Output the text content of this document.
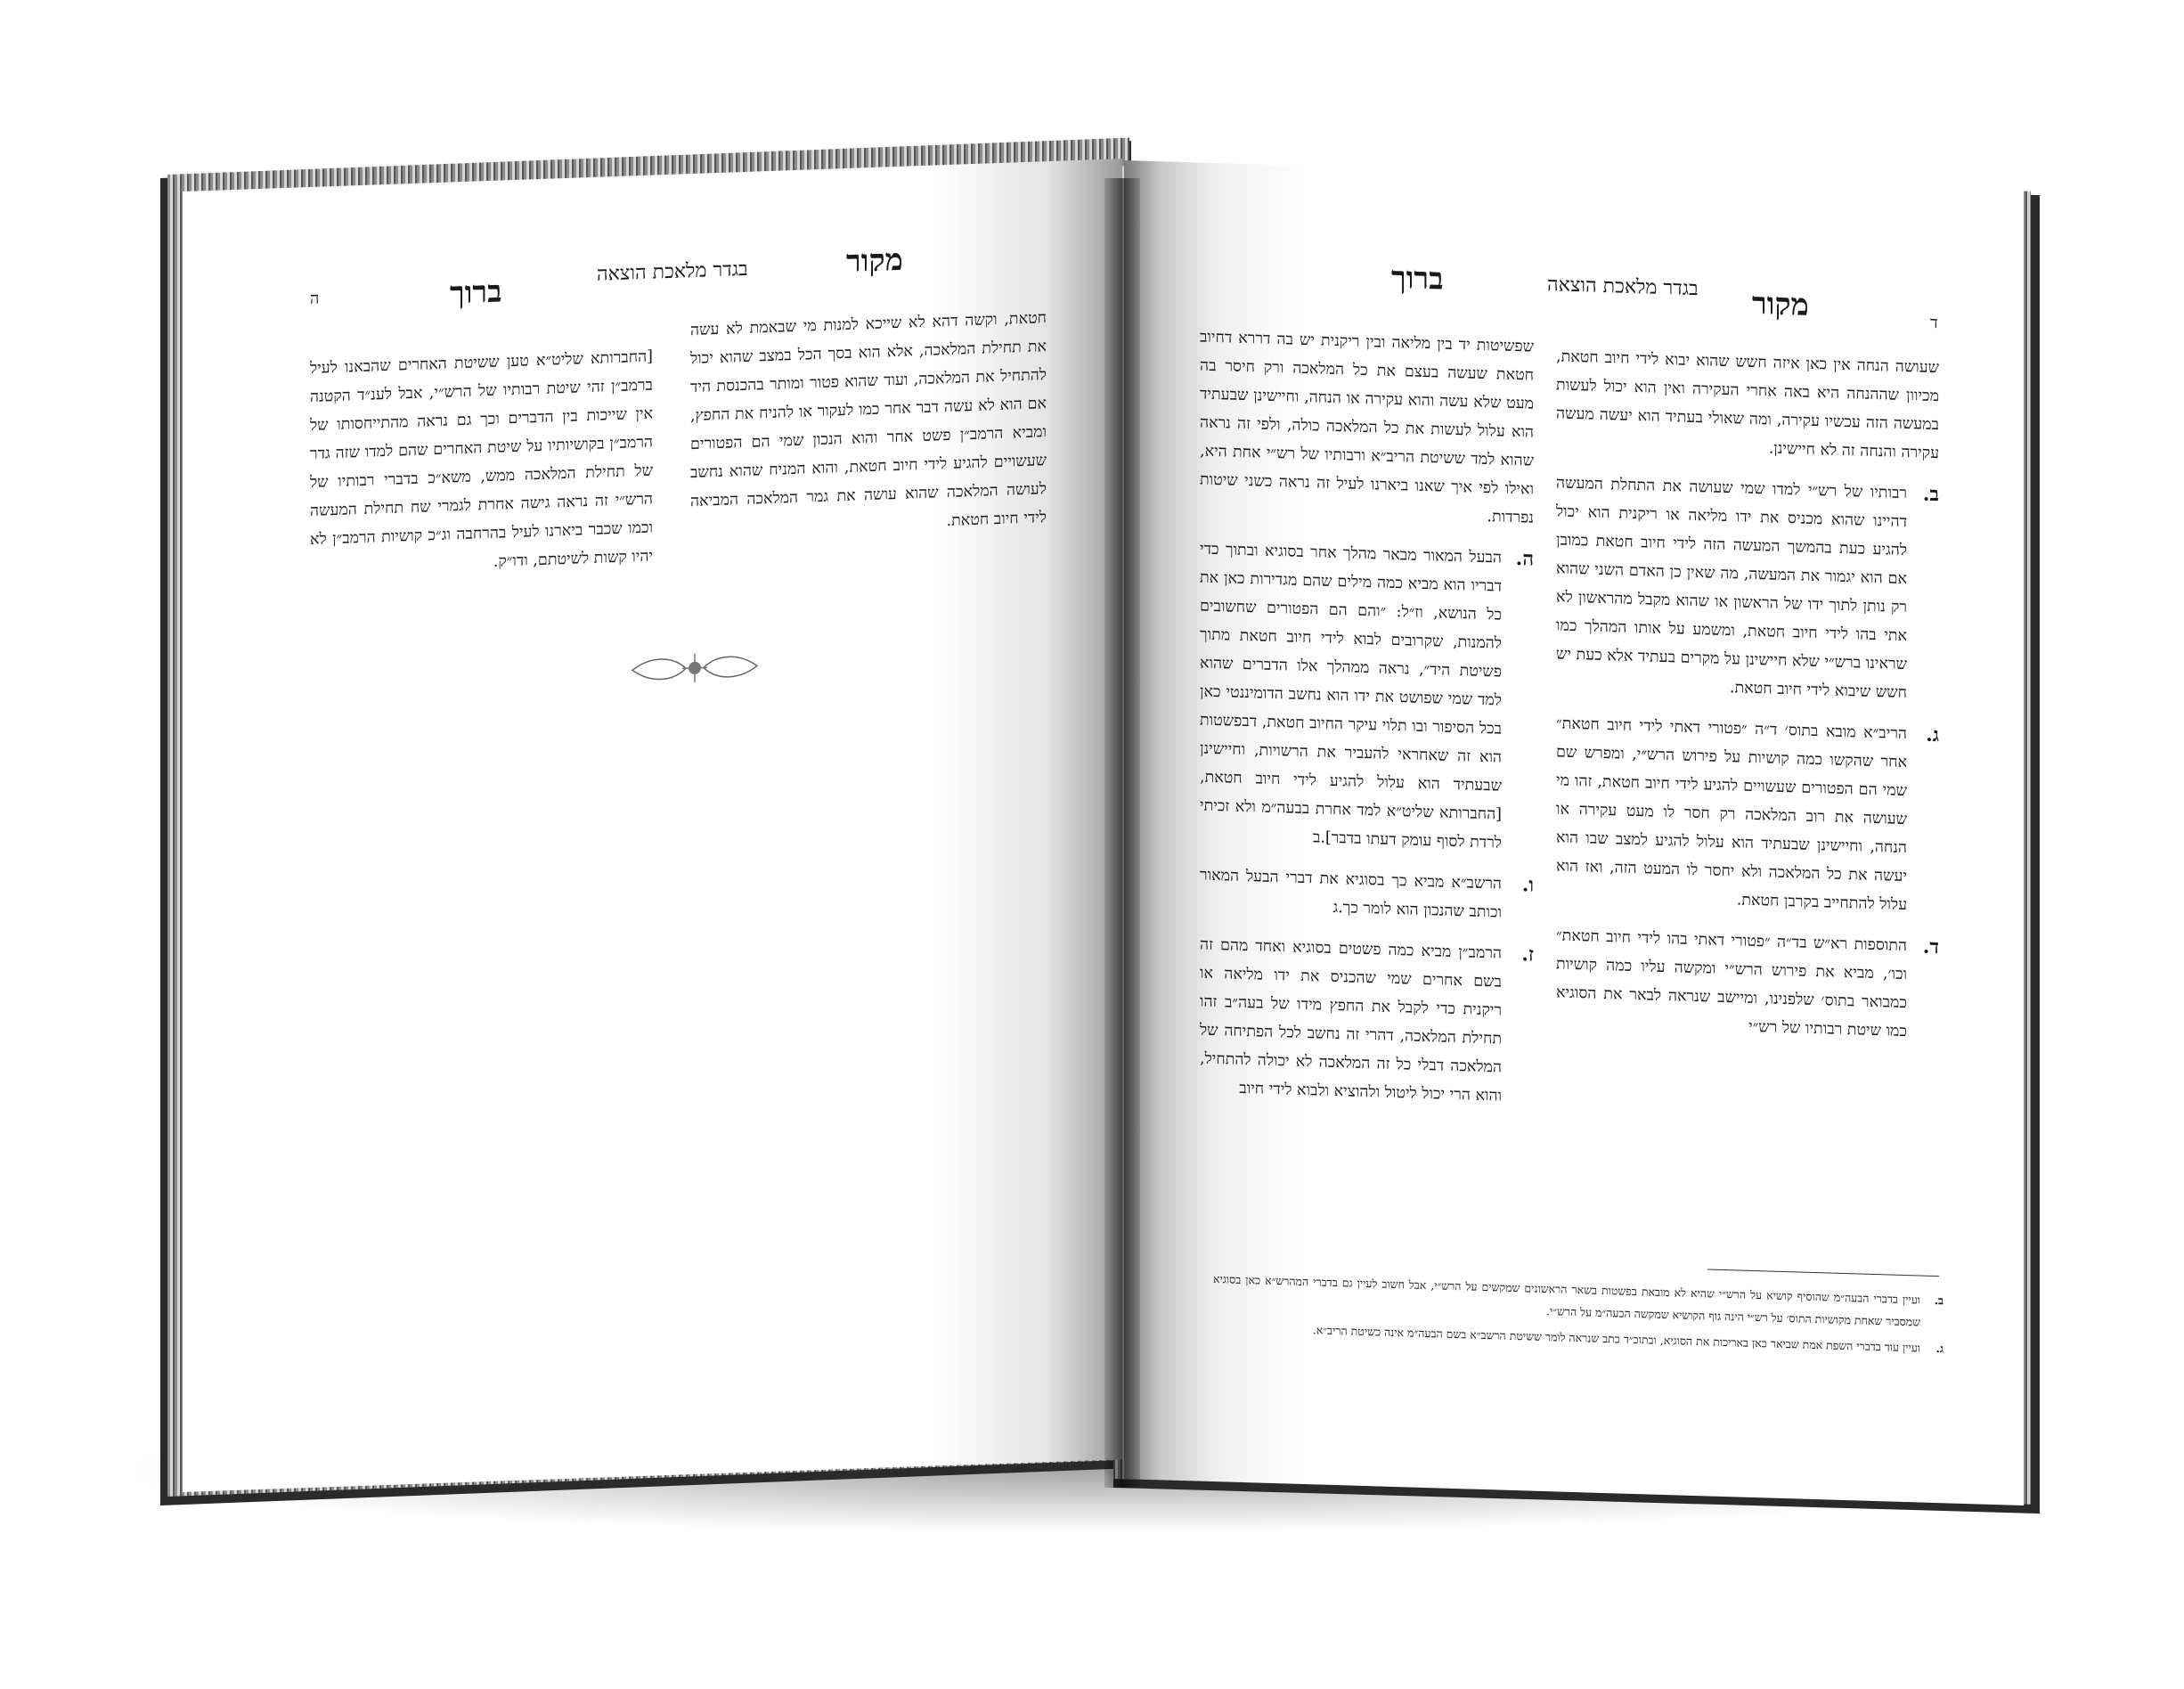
מקור
בגדר מלאכת הוצאה
ברוך
ה

חטאת, וקשה דהא לא שייכא למנות מי שבאמת לא עשה את תחילת המלאכה, אלא הוא בסך הכל במצב שהוא יכול להתחיל את המלאכה, ועוד שהוא פטור ומותר בהכנסת היד אם הוא לא עשה דבר אחר כמו לעקור או להניח את החפץ, ומביא הרמב״ן פשט אחר והוא הנכון שמי הם הפטורים שעשויים להגיע לידי חיוב חטאת, והוא המניח שהוא נחשב לעושה המלאכה שהוא עושה את גמר המלאכה המביאה לידי חיוב חטאת.

[החברותא שליט״א טען ששיטת האחרים שהבאנו לעיל ברמב״ן זהי שיטת רבותיו של הרש״י, אבל לענ״ד הקטנה אין שייכות בין הדברים וכך גם נראה מהתייחסותו של הרמב״ן בקושיותיו על שיטת האחרים שהם למדו שזה גדר של תחילת המלאכה ממש, משא״כ בדברי רבותיו של הרש״י זה נראה גישה אחרת לגמרי שח תחילת המעשה וכמו שכבר ביארנו לעיל בהרחבה וג״כ קושיות הרמב״ן לא יהיו קשות לשיטתם, ודו״ק.

ד
מקור
בגדר מלאכת הוצאה
ברוך

שעושה הנחה אין כאן איזה חשש שהוא יבוא לידי חיוב חטאת, מכיוון שההנחה היא באה אחרי העקירה ואין הוא יכול לעשות במעשה הזה עכשיו עקירה, ומה שאולי בעתיד הוא יעשה מעשה עקירה והנחה זה לא חיישינן.

ב.
רבותיו של רש״י למדו שמי שעושה את התחלת המעשה דהיינו שהוא מכניס את ידו מליאה או ריקנית הוא יכול להגיע כעת בהמשך המעשה הזה לידי חיוב חטאת כמובן אם הוא יגמור את המעשה, מה שאין כן האדם השני שהוא רק נותן לתוך ידו של הראשון או שהוא מקבל מהראשון לא אתי בהו לידי חיוב חטאת, ומשמע על אותו המהלך כמו שראינו ברש״י שלא חיישינן על מקרים בעתיד אלא כעת יש חשש שיבוא לידי חיוב חטאת.

ג.
הריב״א מובא בתוס׳ ד״ה ״פטורי דאתי לידי חיוב חטאת״ אחר שהקשו כמה קושיות על פירוש הרש״י, ומפרש שם שמי הם הפטורים שעשויים להגיע לידי חיוב חטאת, זהו מי שעושה את רוב המלאכה רק חסר לו מעט עקירה או הנחה, וחיישינן שבעתיד הוא עלול להגיע למצב שבו הוא יעשה את כל המלאכה ולא יחסר לו המעט הזה, ואז הוא עלול להתחייב בקרבן חטאת.

ד.
התוספות רא״ש בד״ה ״פטורי דאתי בהו לידי חיוב חטאת״ וכו׳, מביא את פירוש הרש״י ומקשה עליו כמה קושיות כמבואר בתוס׳ שלפנינו, ומיישב שנראה לבאר את הסוגיא כמו שיטת רבותיו של רש״י

שפשיטות יד בין מליאה ובין ריקנית יש בה דררא דחיוב חטאת שעשה בעצם את כל המלאכה ורק חיסר בה מעט שלא עשה והוא עקירה או הנחה, וחיישינן שבעתיד הוא עלול לעשות את כל המלאכה כולה, ולפי זה נראה שהוא למד ששיטת הריב״א ורבותיו של רש״י אחת היא, ואילו לפי איך שאנו ביארנו לעיל זה נראה כשני שיטות נפרדות.

ה.
הבעל המאור מבאר מהלך אחר בסוגיא ובתוך כדי דבריו הוא מביא כמה מילים שהם מגדירות כאן את כל הנושא, וז״ל: ״והם הם הפטורים שחשובים להמנות, שקרובים לבוא לידי חיוב חטאת מתוך פשיטת היד״, נראה ממהלך אלו הדברים שהוא למד שמי שפושט את ידו הוא נחשב הדומיננטי כאן בכל הסיפור ובו תלוי עיקר החיוב חטאת, דבפשטות הוא זה שאחראי להעביר את הרשויות, וחיישינן שבעתיד הוא עלול להגיע לידי חיוב חטאת, [החברותא שליט״א למד אחרת בבעה״מ ולא זכיתי לרדת לסוף עומק דעתו בדבר].ב

ו.
הרשב״א מביא כך בסוגיא את דברי הבעל המאור וכותב שהנכון הוא לומר כך.ג

ז.
הרמב״ן מביא כמה פשטים בסוגיא ואחד מהם זה בשם אחרים שמי שהכניס את ידו מליאה או ריקנית כדי לקבל את החפץ מידו של בעה״ב זהו תחילת המלאכה, דהרי זה נחשב לכל הפתיחה של המלאכה דבלי כל זה המלאכה לא יכולה להתחיל, והוא הרי יכול ליטול ולהוציא ולבוא לידי חיוב

ב.
ועיין בדברי הבעה״מ שהוסיף קושיא על הרש״י שהיא לא מובאת בפשטות בשאר הראשונים שמקשים על הרש״י, אבל חשוב לעיין גם בדברי המהרש״א כאן בסוגיא שמסביר שאחת מקושיות התוס׳ על רש״י הינה גוף הקושיא שמקשה הבעה״מ על הרש״י.
ג.
ועיין עוד בדברי השפת אמת שביאר כאן באריכות את הסוגיא, ובתוכ״ד כתב שנראה לומר ששיטת הרשב״א בשם הבעה״מ אינה כשיטת הריב״א.
